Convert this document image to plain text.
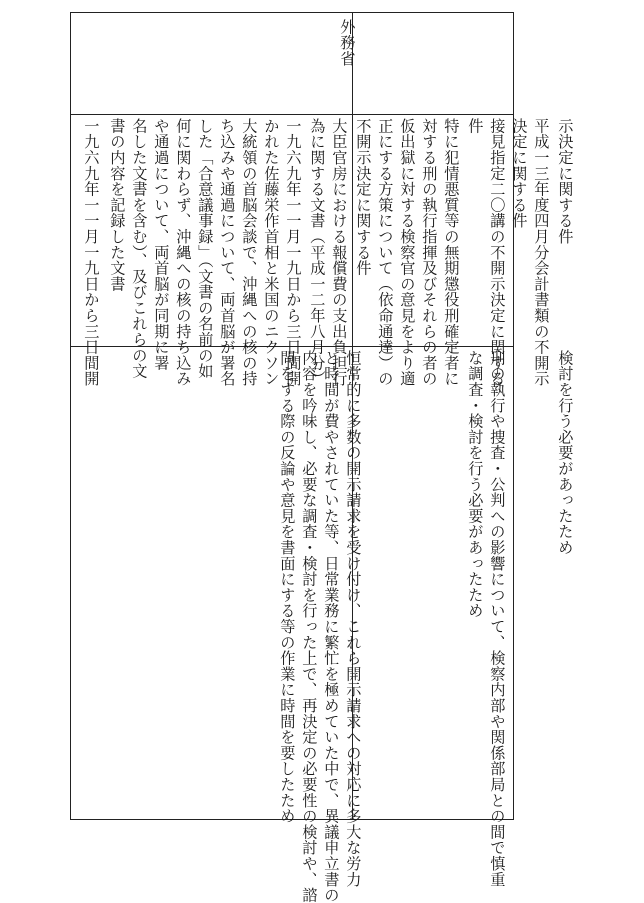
外務省
示決定に関する件
検討を行う必要があったため
平成一三年度四月分会計書類の不開示
決定に関する件
刑の執行や捜査・公判への影響について、検察内部や関係部局との間で慎重
な調査・検討を行う必要があったため
接見指定二〇講の不開示決定に関する
件
特に犯情悪質等の無期懲役刑確定者に
対する刑の執行指揮及びそれらの者の
仮出獄に対する検察官の意見をより適
正にする方策について（依命通達）の
不開示決定に関する件
恒常的に多数の開示請求を受け付け、これら開示請求への対応に多大な労力
と時間が費やされていた等、日常業務に繁忙を極めていた中で、異議申立書の
内容を吟味し、必要な調査・検討を行った上で、再決定の必要性の検討や、諮
問をする際の反論や意見を書面にする等の作業に時間を要したため
大臣官房における報償費の支出負担行
為に関する文書（平成一二年八月分）
一九六九年一一月一九日から三日間開
かれた佐藤栄作首相と米国のニクソン
大統領の首脳会談で、沖縄への核の持
ち込みや通過について、両首脳が署名
した「合意議事録」（文書の名前の如
何に関わらず、沖縄への核の持ち込み
や通過について、両首脳が同期に署
名した文書を含む）、及びこれらの文
書の内容を記録した文書
一九六九年一一月一九日から三日間開
